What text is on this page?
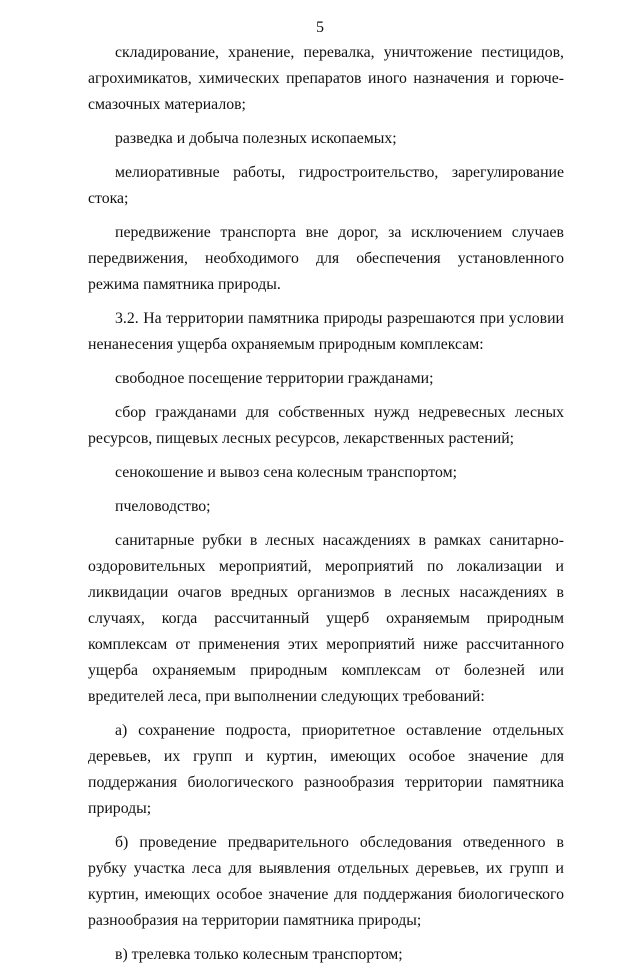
5

складирование, хранение, перевалка, уничтожение пестицидов, агрохимикатов, химических препаратов иного назначения и горюче-смазочных материалов;

разведка и добыча полезных ископаемых;

мелиоративные работы, гидростроительство, зарегулирование стока;

передвижение транспорта вне дорог, за исключением случаев передвижения, необходимого для обеспечения установленного режима памятника природы.

3.2. На территории памятника природы разрешаются при условии ненанесения ущерба охраняемым природным комплексам:

свободное посещение территории гражданами;

сбор гражданами для собственных нужд недревесных лесных ресурсов, пищевых лесных ресурсов, лекарственных растений;

сенокошение и вывоз сена колесным транспортом;

пчеловодство;

санитарные рубки в лесных насаждениях в рамках санитарно-оздоровительных мероприятий, мероприятий по локализации и ликвидации очагов вредных организмов в лесных насаждениях в случаях, когда рассчитанный ущерб охраняемым природным комплексам от применения этих мероприятий ниже рассчитанного ущерба охраняемым природным комплексам от болезней или вредителей леса, при выполнении следующих требований:

а) сохранение подроста, приоритетное оставление отдельных деревьев, их групп и куртин, имеющих особое значение для поддержания биологического разнообразия территории памятника природы;

б) проведение предварительного обследования отведенного в рубку участка леса для выявления отдельных деревьев, их групп и куртин, имеющих особое значение для поддержания биологического разнообразия на территории памятника природы;

в) трелевка только колесным транспортом;
